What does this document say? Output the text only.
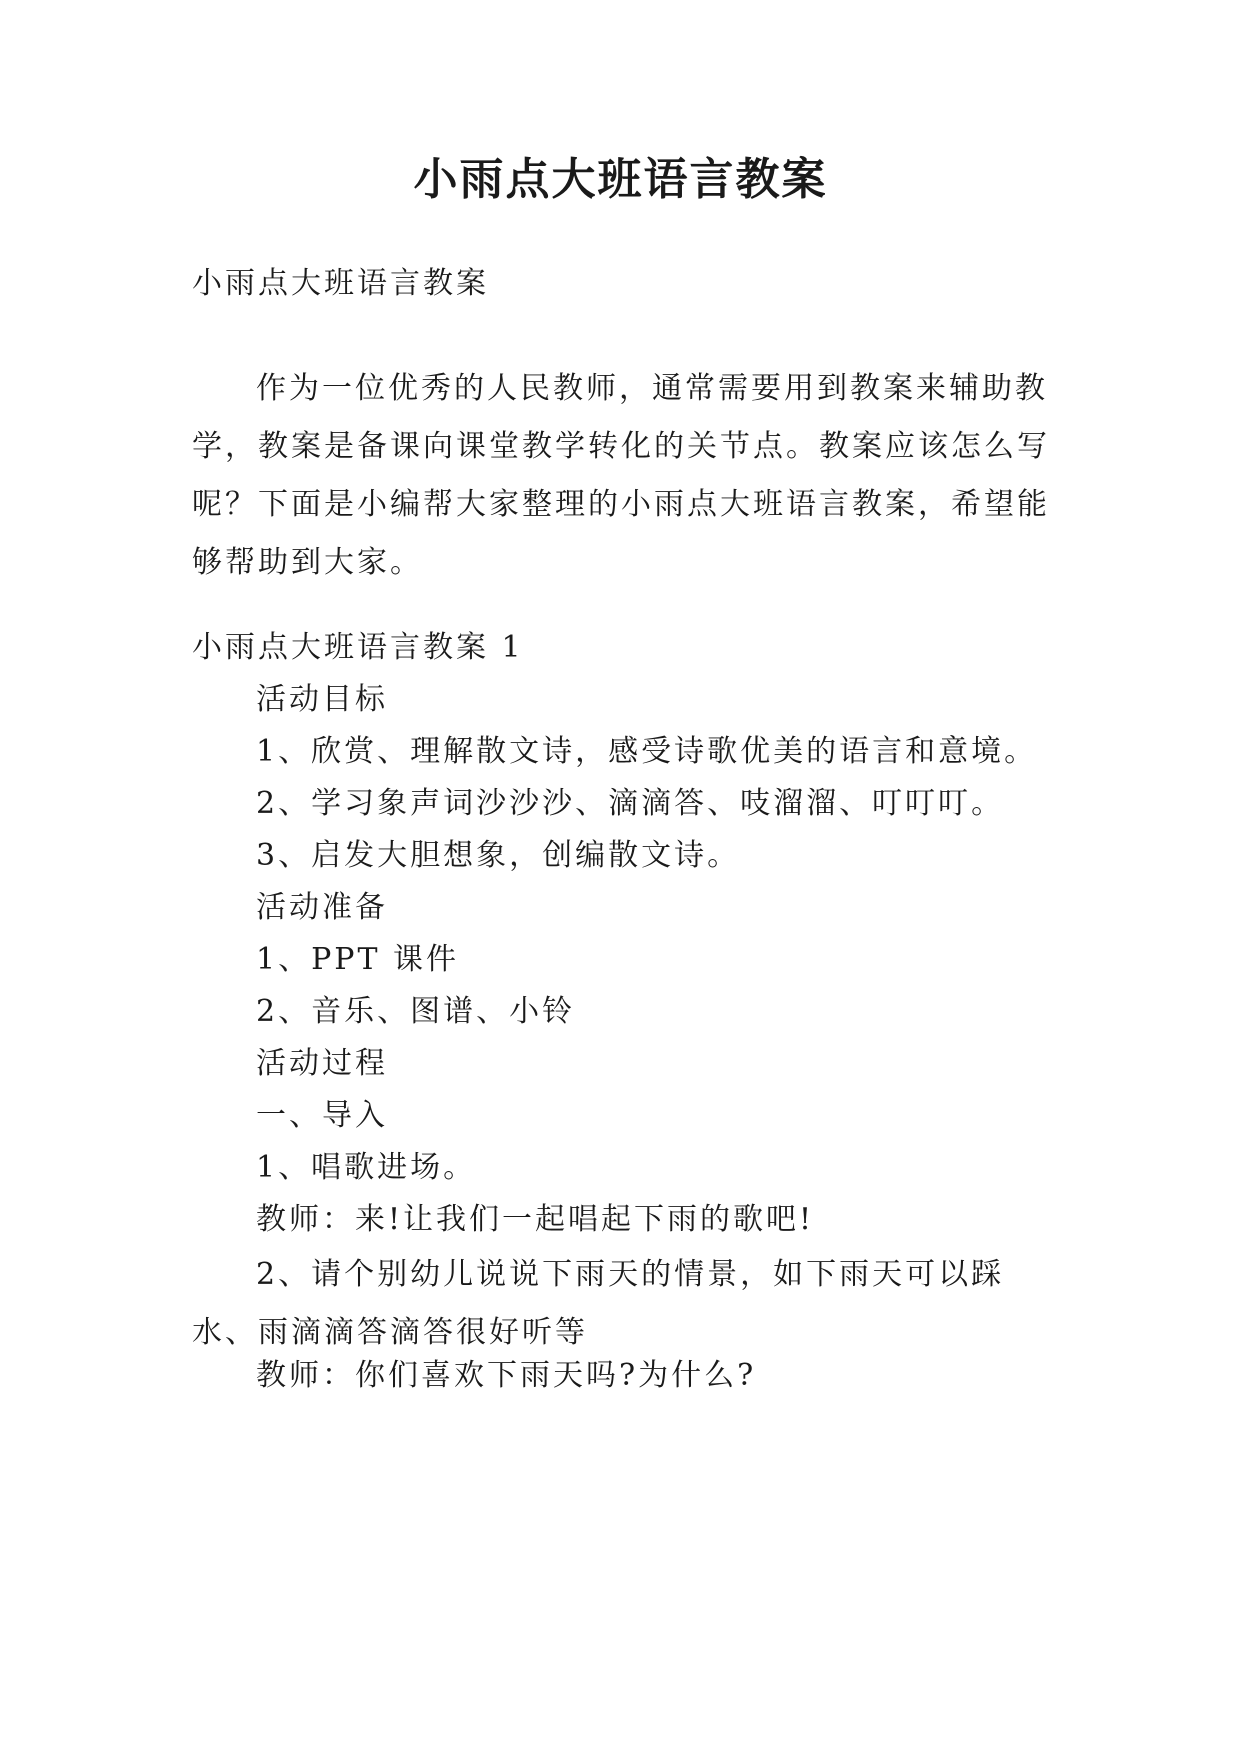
小雨点大班语言教案

小雨点大班语言教案

作为一位优秀的人民教师，通常需要用到教案来辅助教学，教案是备课向课堂教学转化的关节点。教案应该怎么写呢？下面是小编帮大家整理的小雨点大班语言教案，希望能够帮助到大家。

小雨点大班语言教案 1

活动目标

1、欣赏、理解散文诗，感受诗歌优美的语言和意境。

2、学习象声词沙沙沙、滴滴答、吱溜溜、叮叮叮。

3、启发大胆想象，创编散文诗。

活动准备

1、PPT 课件

2、音乐、图谱、小铃

活动过程

一、导入

1、唱歌进场。

教师：来!让我们一起唱起下雨的歌吧!

2、请个别幼儿说说下雨天的情景，如下雨天可以踩水、雨滴滴答滴答很好听等

教师：你们喜欢下雨天吗?为什么?
